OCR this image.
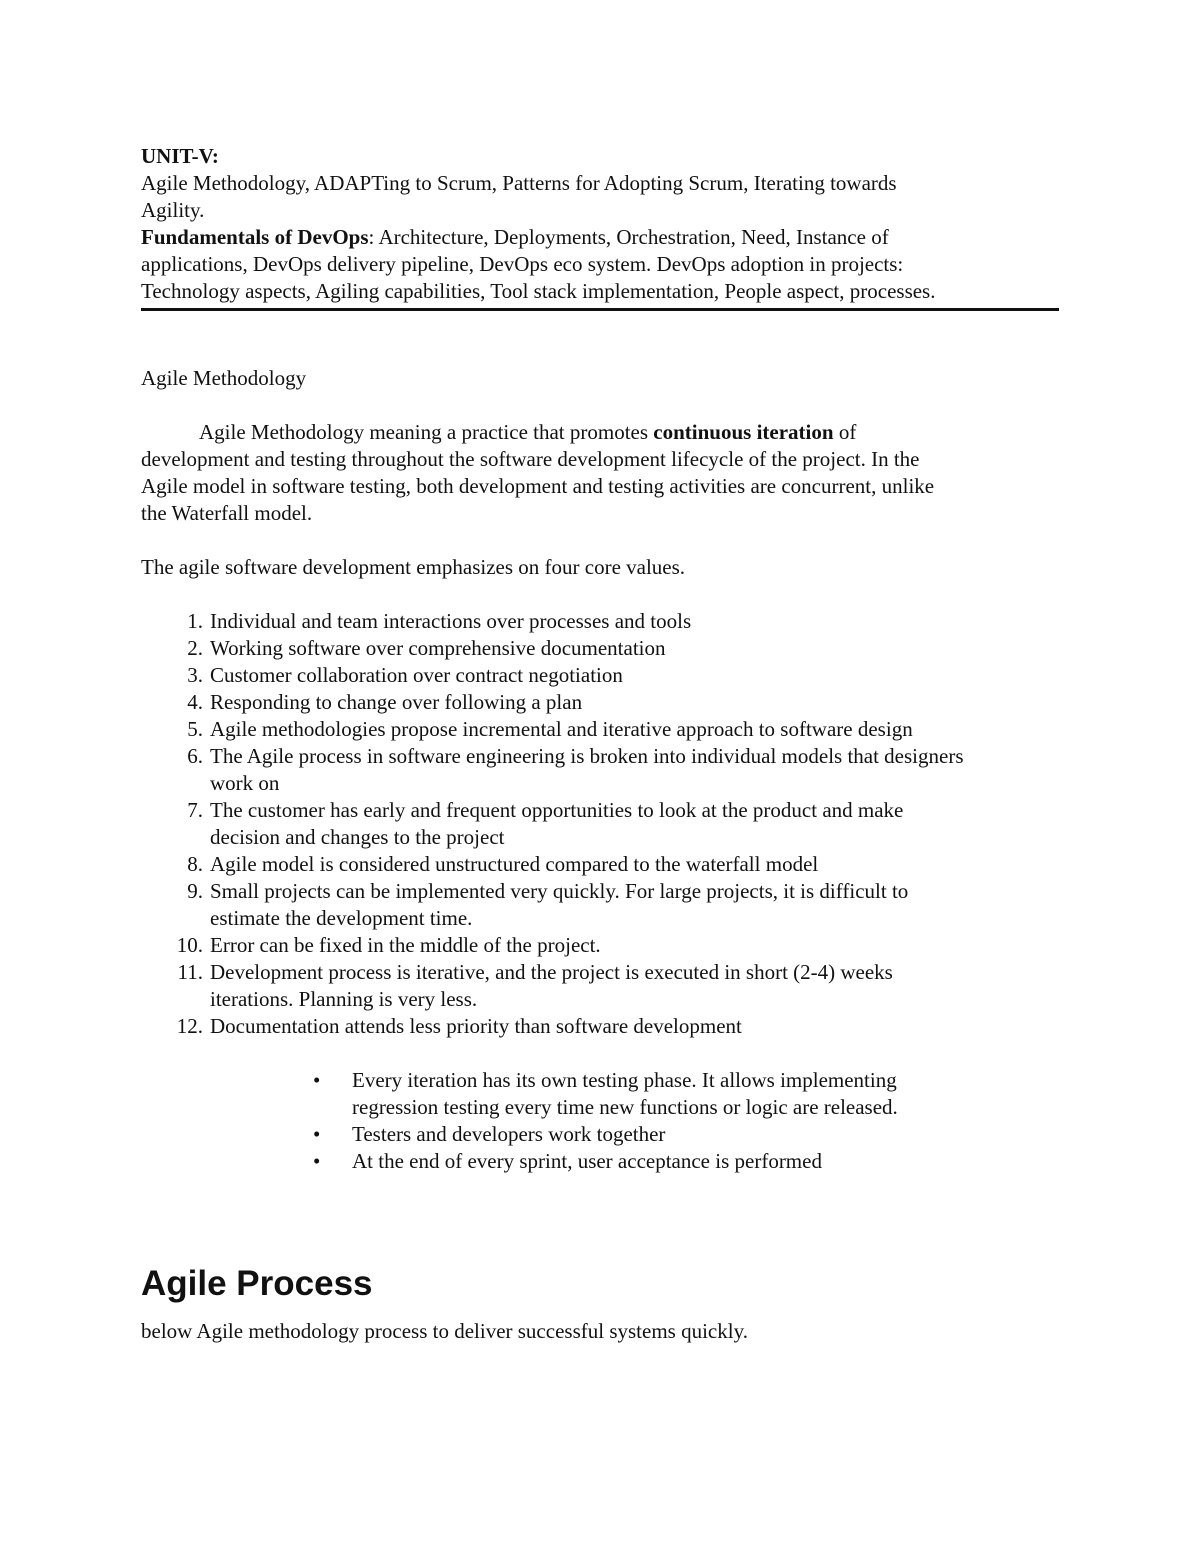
UNIT-V:

Agile Methodology, ADAPTing to Scrum, Patterns for Adopting Scrum, Iterating towards

Agility.

Fundamentals of DevOps: Architecture, Deployments, Orchestration, Need, Instance of

applications, DevOps delivery pipeline, DevOps eco system. DevOps adoption in projects:

Technology aspects, Agiling capabilities, Tool stack implementation, People aspect, processes.

Agile Methodology

Agile Methodology meaning a practice that promotes continuous iteration of

development and testing throughout the software development lifecycle of the project. In the

Agile model in software testing, both development and testing activities are concurrent, unlike

the Waterfall model.

The agile software development emphasizes on four core values.

1. Individual and team interactions over processes and tools
2. Working software over comprehensive documentation
3. Customer collaboration over contract negotiation
4. Responding to change over following a plan
5. Agile methodologies propose incremental and iterative approach to software design
6. The Agile process in software engineering is broken into individual models that designers
work on
7. The customer has early and frequent opportunities to look at the product and make
decision and changes to the project
8. Agile model is considered unstructured compared to the waterfall model
9. Small projects can be implemented very quickly. For large projects, it is difficult to
estimate the development time.
10. Error can be fixed in the middle of the project.
11. Development process is iterative, and the project is executed in short (2-4) weeks
iterations. Planning is very less.
12. Documentation attends less priority than software development
• Every iteration has its own testing phase. It allows implementing
regression testing every time new functions or logic are released.
• Testers and developers work together
• At the end of every sprint, user acceptance is performed
Agile Process

below Agile methodology process to deliver successful systems quickly.
